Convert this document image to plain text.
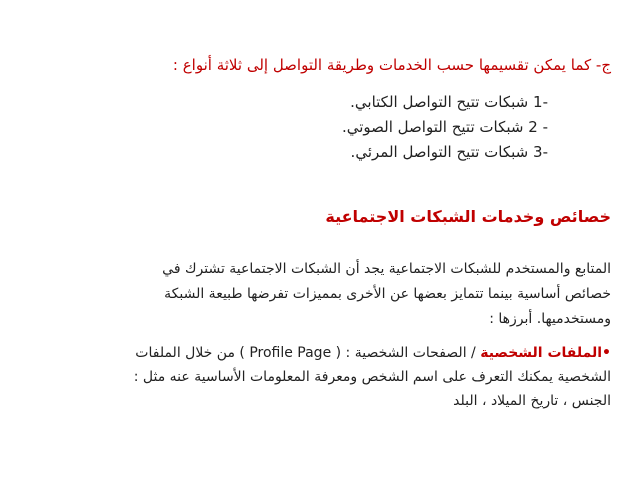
ج- كما يمكن تقسيمها حسب الخدمات وطريقة التواصل إلى ثلاثة أنواع :
1- شبكات تتيح التواصل الكتابي.
2 - شبكات تتيح التواصل الصوتي.
3- شبكات تتيح التواصل المرئي.
خصائص وخدمات الشبكات الاجتماعية
المتابع والمستخدم للشبكات الاجتماعية يجد أن الشبكات الاجتماعية تشترك في
خصائص أساسية بينما تتمايز بعضها عن الأخرى بمميزات تفرضها طبيعة الشبكة
ومستخدميها. أبرزها :
•الملفات الشخصية / الصفحات الشخصية : ( Profile Page ) من خلال الملفات
الشخصية يمكنك التعرف على اسم الشخص ومعرفة المعلومات الأساسية عنه مثل :
الجنس ، تاريخ الميلاد ، البلد
